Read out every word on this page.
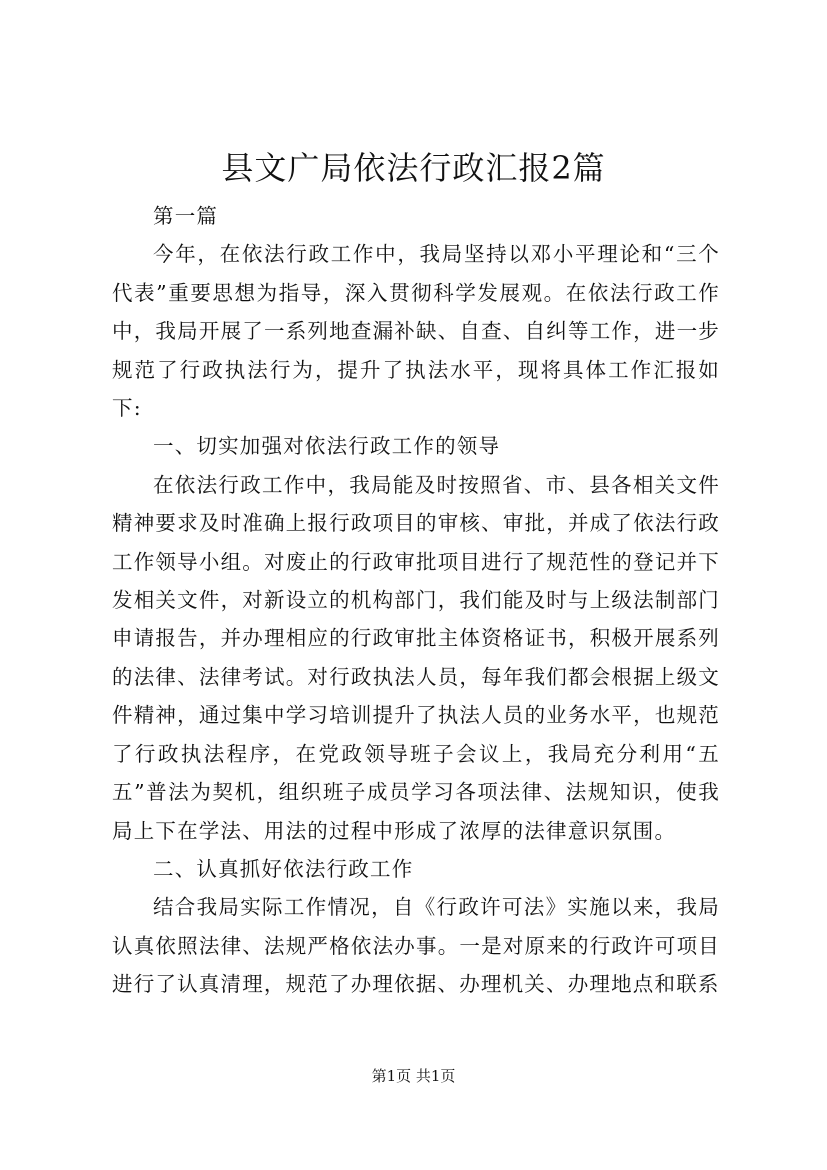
县文广局依法行政汇报2篇

第一篇

今年，在依法行政工作中，我局坚持以邓小平理论和“三个代表”重要思想为指导，深入贯彻科学发展观。在依法行政工作中，我局开展了一系列地查漏补缺、自查、自纠等工作，进一步规范了行政执法行为，提升了执法水平，现将具体工作汇报如下:

一、切实加强对依法行政工作的领导

在依法行政工作中，我局能及时按照省、市、县各相关文件精神要求及时准确上报行政项目的审核、审批，并成了依法行政工作领导小组。对废止的行政审批项目进行了规范性的登记并下发相关文件，对新设立的机构部门，我们能及时与上级法制部门申请报告，并办理相应的行政审批主体资格证书，积极开展系列的法律、法律考试。对行政执法人员，每年我们都会根据上级文件精神，通过集中学习培训提升了执法人员的业务水平，也规范了行政执法程序，在党政领导班子会议上，我局充分利用“五五”普法为契机，组织班子成员学习各项法律、法规知识，使我局上下在学法、用法的过程中形成了浓厚的法律意识氛围。

二、认真抓好依法行政工作

结合我局实际工作情况，自《行政许可法》实施以来，我局认真依照法律、法规严格依法办事。一是对原来的行政许可项目进行了认真清理，规范了办理依据、办理机关、办理地点和联系

第1页 共1页
